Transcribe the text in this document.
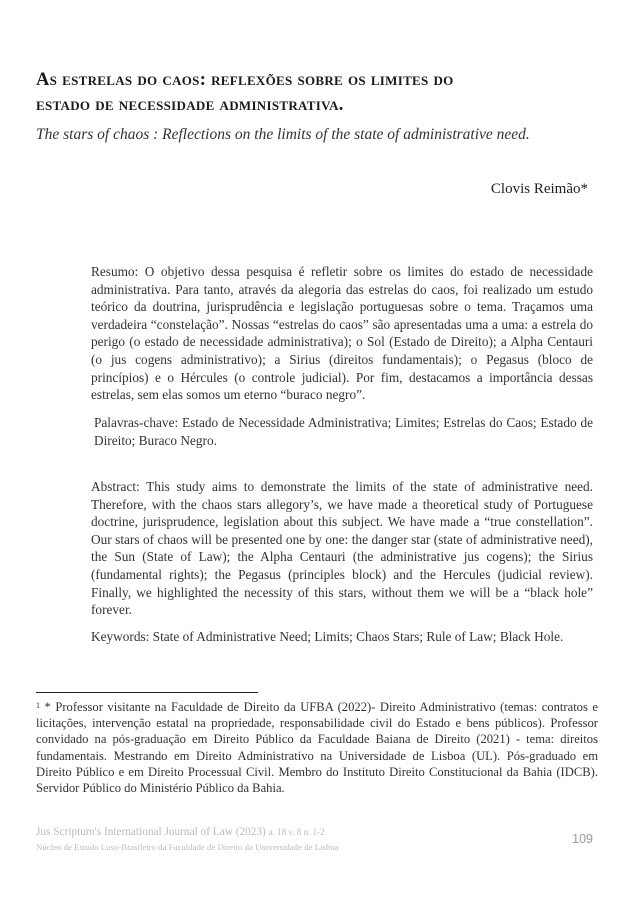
As estrelas do caos: reflexões sobre os limites do
estado de necessidade administrativa.

The stars of chaos : Reflections on the limits of the state of administrative need.

Clovis Reimão*

Resumo: O objetivo dessa pesquisa é refletir sobre os limites do estado de necessidade administrativa. Para tanto, através da alegoria das estrelas do caos, foi realizado um estudo teórico da doutrina, jurisprudência e legislação portuguesas sobre o tema. Traçamos uma verdadeira “constelação”. Nossas “estrelas do caos” são apresentadas uma a uma: a estrela do perigo (o estado de necessidade administrativa); o Sol (Estado de Direito); a Alpha Centauri (o jus cogens administrativo); a Sirius (direitos fundamentais); o Pegasus (bloco de princípios) e o Hércules (o controle judicial). Por fim, destacamos a importância dessas estrelas, sem elas somos um eterno “buraco negro”.

Palavras-chave: Estado de Necessidade Administrativa; Limites; Estrelas do Caos; Estado de Direito; Buraco Negro.

Abstract: This study aims to demonstrate the limits of the state of administrative need. Therefore, with the chaos stars allegory’s, we have made a theoretical study of Portuguese doctrine, jurisprudence, legislation about this subject. We have made a “true constellation”. Our stars of chaos will be presented one by one: the danger star (state of administrative need), the Sun (State of Law); the Alpha Centauri (the administrative jus cogens); the Sirius (fundamental rights); the Pegasus (principles block) and the Hercules (judicial review). Finally, we highlighted the necessity of this stars, without them we will be a “black hole” forever.

Keywords: State of Administrative Need; Limits; Chaos Stars; Rule of Law; Black Hole.

$^1$ * Professor visitante na Faculdade de Direito da UFBA (2022)- Direito Administrativo (temas: contratos e licitações, intervenção estatal na propriedade, responsabilidade civil do Estado e bens públicos). Professor convidado na pós-graduação em Direito Público da Faculdade Baiana de Direito (2021) - tema: direitos fundamentais. Mestrando em Direito Administrativo na Universidade de Lisboa (UL). Pós-graduado em Direito Público e em Direito Processual Civil. Membro do Instituto Direito Constitucional da Bahia (IDCB). Servidor Público do Ministério Público da Bahia.

Jus Scriptum's International Journal of Law (2023) a. 18 v. 8 n. 1-2

Núcleo de Estudo Luso-Brasileiro da Faculdade de Direito da Universidade de Lisboa

109
